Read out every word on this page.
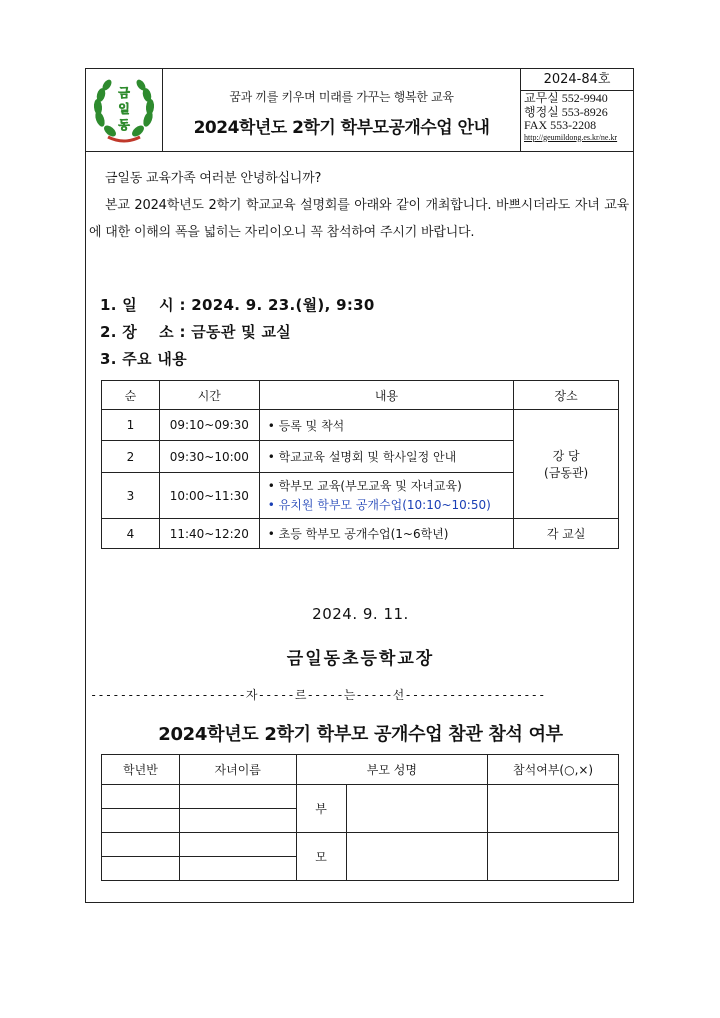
금
일
동
꿈과 끼를 키우며 미래를 가꾸는 행복한 교육
2024학년도 2학기 학부모공개수업 안내
2024-84호
교무실 552-9940
행정실 553-8926
FAX 553-2208
http://geumildong.es.kr/ne.kr

금일동 교육가족 여러분 안녕하십니까?

본교 2024학년도 2학기 학교교육 설명회를 아래와 같이 개최합니다. 바쁘시더라도 자녀 교육에 대한 이해의 폭을 넓히는 자리이오니 꼭 참석하여 주시기 바랍니다.

1. 일    시 : 2024. 9. 23.(월), 9:30
2. 장    소 : 금동관 및 교실
3. 주요 내용
순	시간	내용	장소
1	09:10~09:30	• 등록 및 착석	강 당
(금동관)

2	09:30~10:00	• 학교교육 설명회 및 학사일정 안내	
3	10:00~11:30	• 학부모 교육(부모교육 및 자녀교육)
• 유치원 학부모 공개수업(10:10~10:50)	

4	11:40~12:20	• 초등 학부모 공개수업(1~6학년)	각 교실
2024. 9. 11.
금일동초등학교장
---------------------자-----르-----는-----선-------------------
2024학년도 2학기 학부모 공개수업 참관 참석 여부
학년반	자녀이름	부모 성명		참석여부(○,×)
		부		

		모		
